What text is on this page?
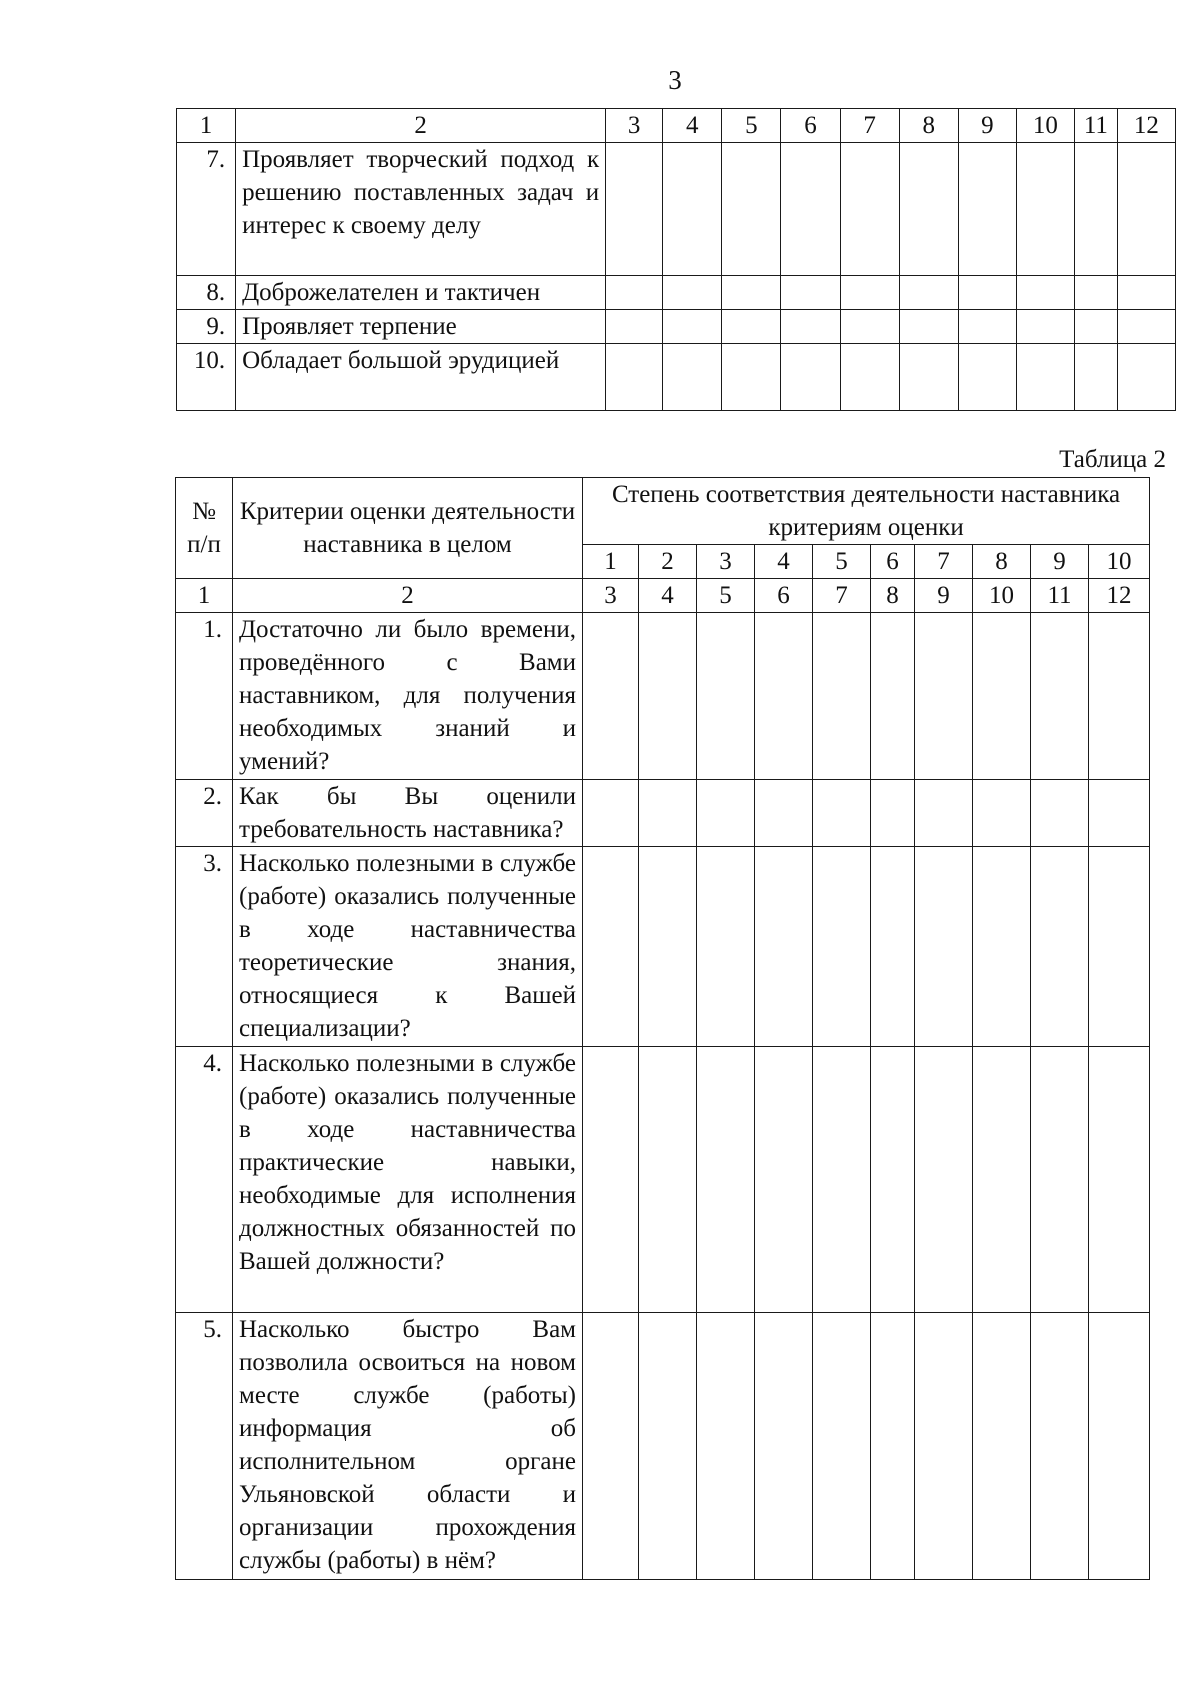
3
1	2	3	4	5	6	7	8	9	10	11	12
7.	Проявляет творческий подход к решению поставленных задач и интерес к своему делу										
8.	Доброжелателен и тактичен										
9.	Проявляет терпение										
10.	Обладает большой эрудицией										
Таблица 2
№ п/п	Критерии оценки деятельности наставника в целом	Степень соответствия деятельности наставника критериям оценки									
		1	2	3	4	5	6	7	8	9	10
1	2	3	4	5	6	7	8	9	10	11	12
1.	Достаточно ли было времени, проведённого с Вами наставником, для получения необходимых знаний и умений?										
2.	Как бы Вы оценили требовательность наставника?										
3.	Насколько полезными в службе (работе) оказались полученные в ходе наставничества теоретические знания, относящиеся к Вашей специализации?										
4.	Насколько полезными в службе (работе) оказались полученные в ходе наставничества практические навыки, необходимые для исполнения должностных обязанностей по Вашей должности?										
5.	Насколько быстро Вам позволила освоиться на новом месте службе (работы) информация об исполнительном органе Ульяновской области и организации прохождения службы (работы) в нём?										
